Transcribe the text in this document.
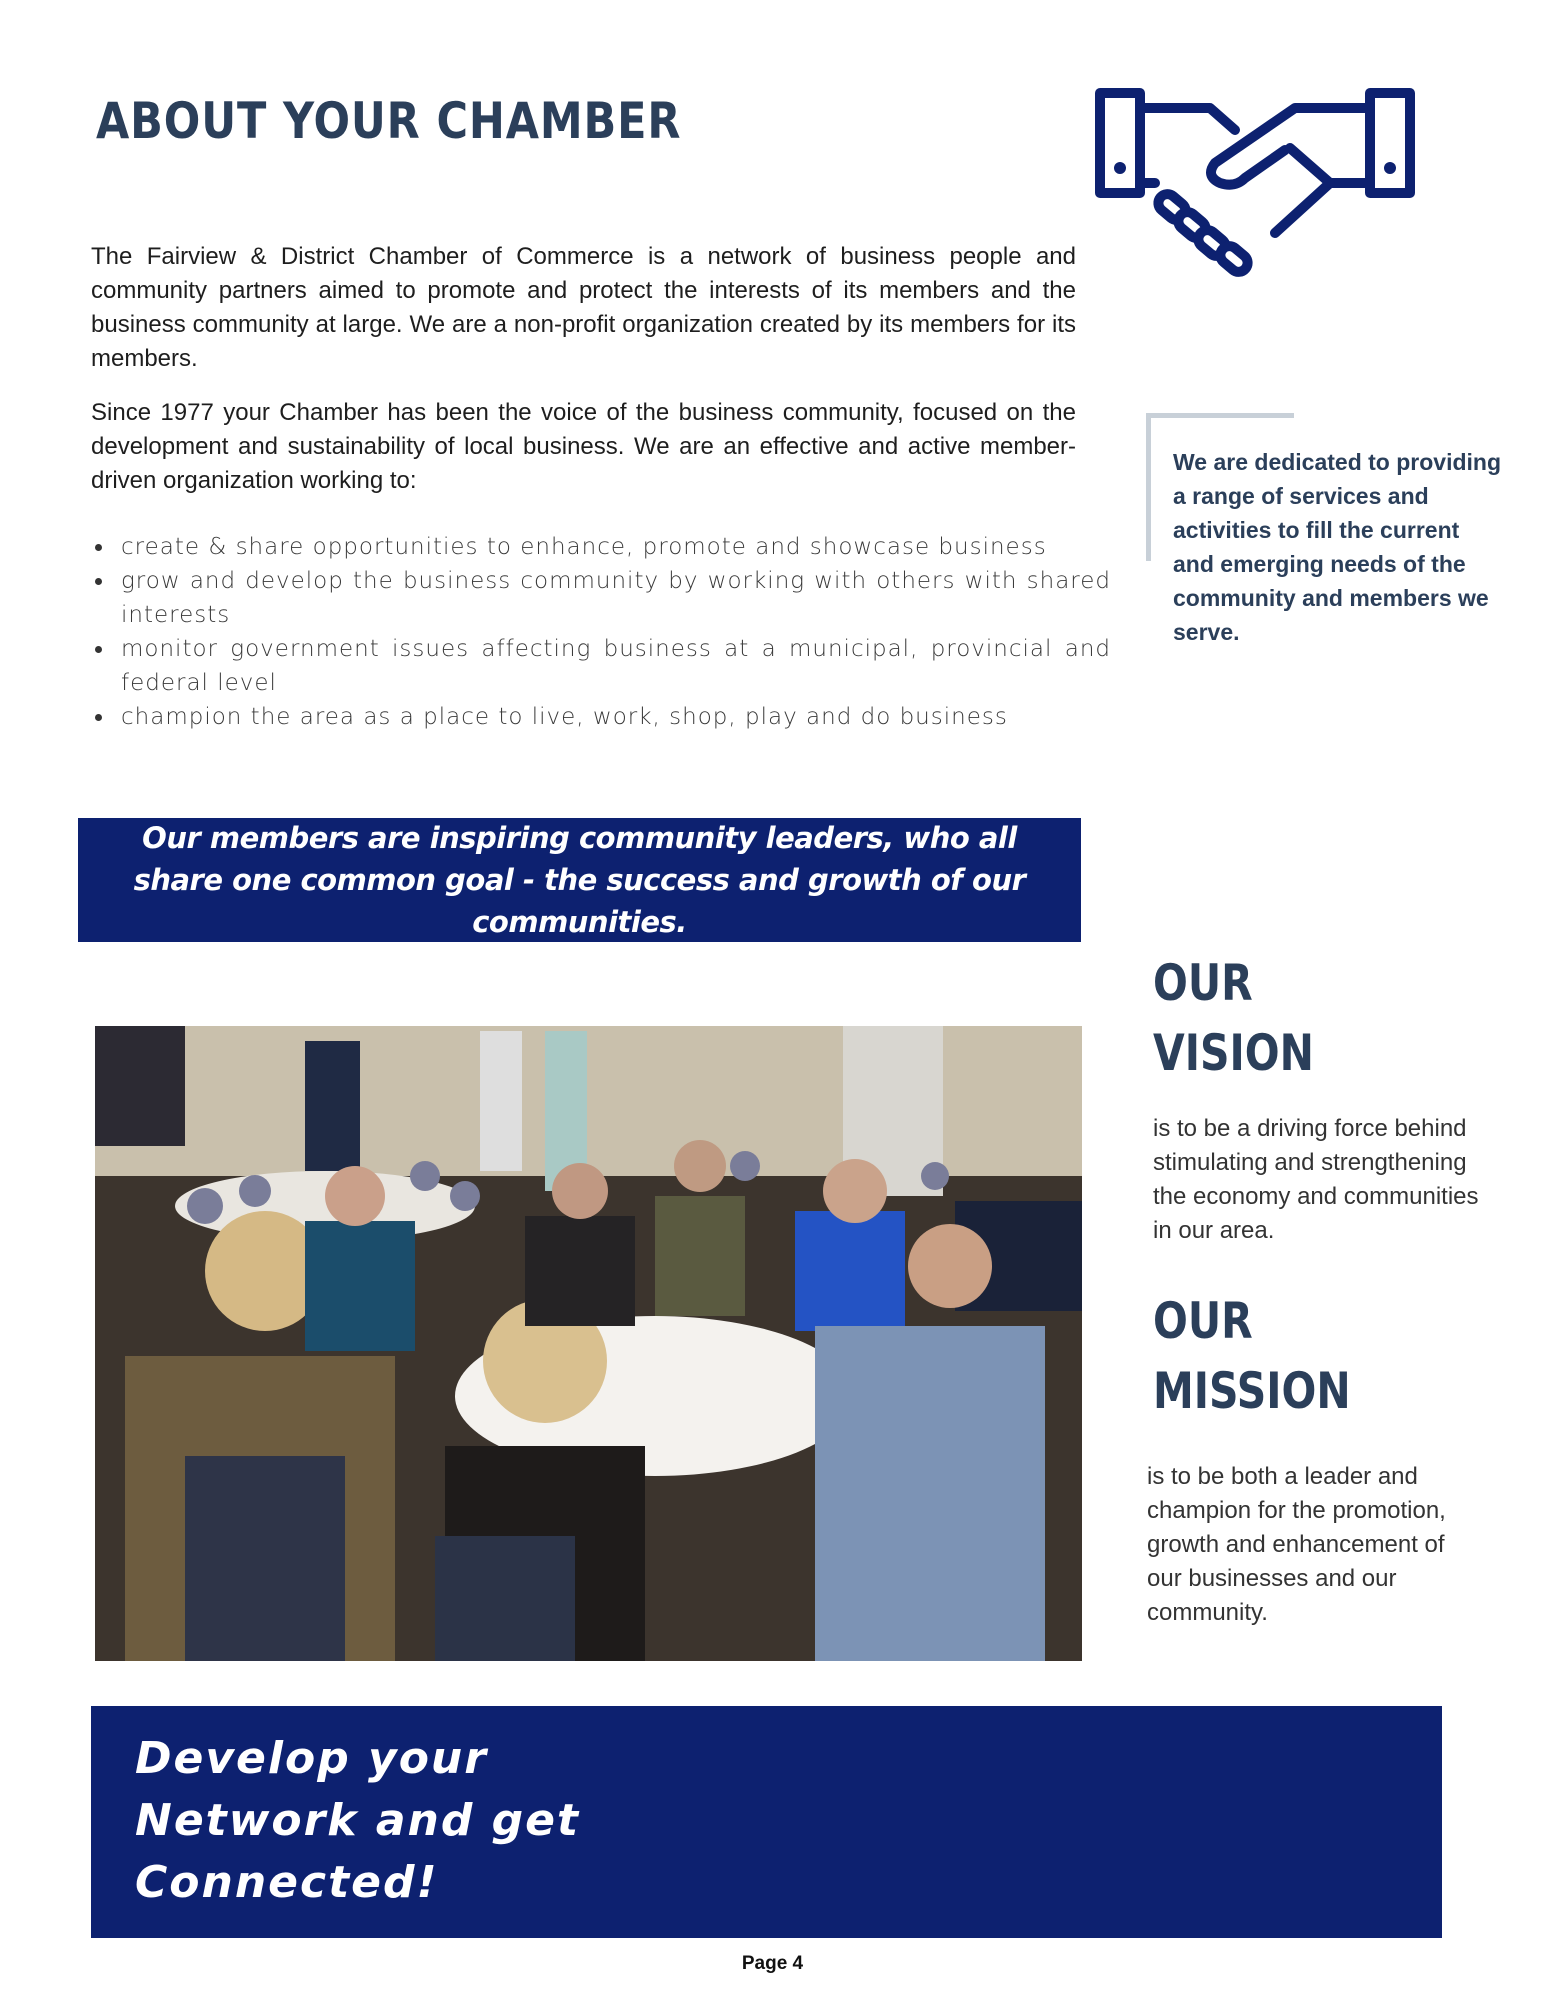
ABOUT YOUR CHAMBER

The Fairview & District Chamber of Commerce is a network of business people and community partners aimed to promote and protect the interests of its members and the business community at large. We are a non-profit organization created by its members for its members.

Since 1977 your Chamber has been the voice of the business community, focused on the development and sustainability of local business. We are an effective and active member-driven organization working to:

create & share opportunities to enhance, promote and showcase business
grow and develop the business community by working with others with shared interests
monitor government issues affecting business at a municipal, provincial and federal level
champion the area as a place to live, work, shop, play and do business
We are dedicated to providing a range of services and activities to fill the current and emerging needs of the community and members we serve.
Our members are inspiring community leaders, who all share one common goal - the success and growth of our communities.
OUR
VISION
is to be a driving force behind stimulating and strengthening the economy and communities in our area.
OUR
MISSION
is to be both a leader and champion for the promotion, growth and enhancement of our businesses and our community.
Develop your
Network and get
Connected!
Page 4
